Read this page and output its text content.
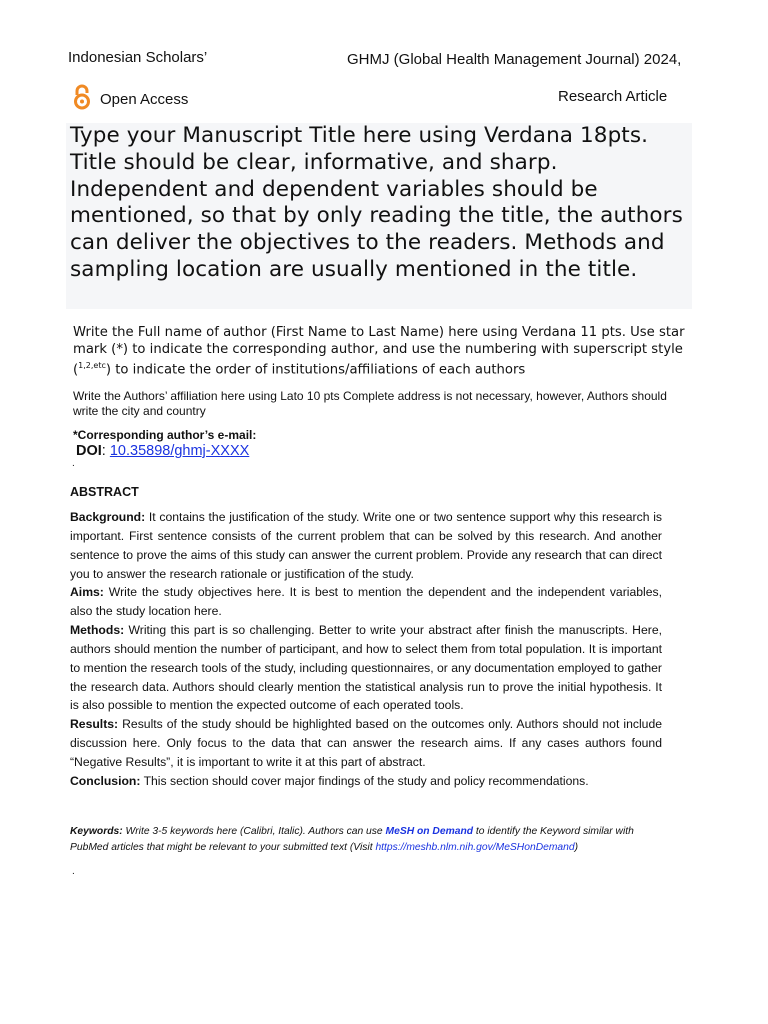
Indonesian Scholars’	GHMJ (Global Health Management Journal) 2024,
Open Access	Research Article
Type your Manuscript Title here using Verdana 18pts. Title should be clear, informative, and sharp. Independent and dependent variables should be mentioned, so that by only reading the title, the authors can deliver the objectives to the readers. Methods and sampling location are usually mentioned in the title.
Write the Full name of author (First Name to Last Name) here using Verdana 11 pts. Use star mark (*) to indicate the corresponding author, and use the numbering with superscript style ($^{1,2,etc}$) to indicate the order of institutions/affiliations of each authors
Write the Authors’ affiliation here using Lato 10 pts Complete address is not necessary, however, Authors should write the city and country
*Corresponding author’s e-mail:
DOI: 10.35898/ghmj-XXXX
.
ABSTRACT

Background: It contains the justification of the study. Write one or two sentence support why this research is important. First sentence consists of the current problem that can be solved by this research. And another sentence to prove the aims of this study can answer the current problem. Provide any research that can direct you to answer the research rationale or justification of the study.

Aims: Write the study objectives here. It is best to mention the dependent and the independent variables, also the study location here.

Methods: Writing this part is so challenging. Better to write your abstract after finish the manuscripts. Here, authors should mention the number of participant, and how to select them from total population. It is important to mention the research tools of the study, including questionnaires, or any documentation employed to gather the research data. Authors should clearly mention the statistical analysis run to prove the initial hypothesis. It is also possible to mention the expected outcome of each operated tools.

Results: Results of the study should be highlighted based on the outcomes only. Authors should not include discussion here. Only focus to the data that can answer the research aims. If any cases authors found “Negative Results”, it is important to write it at this part of abstract.

Conclusion: This section should cover major findings of the study and policy recommendations.

Keywords: Write 3-5 keywords here (Calibri, Italic). Authors can use MeSH on Demand to identify the Keyword similar with PubMed articles that might be relevant to your submitted text (Visit https://meshb.nlm.nih.gov/MeSHonDemand)
.
